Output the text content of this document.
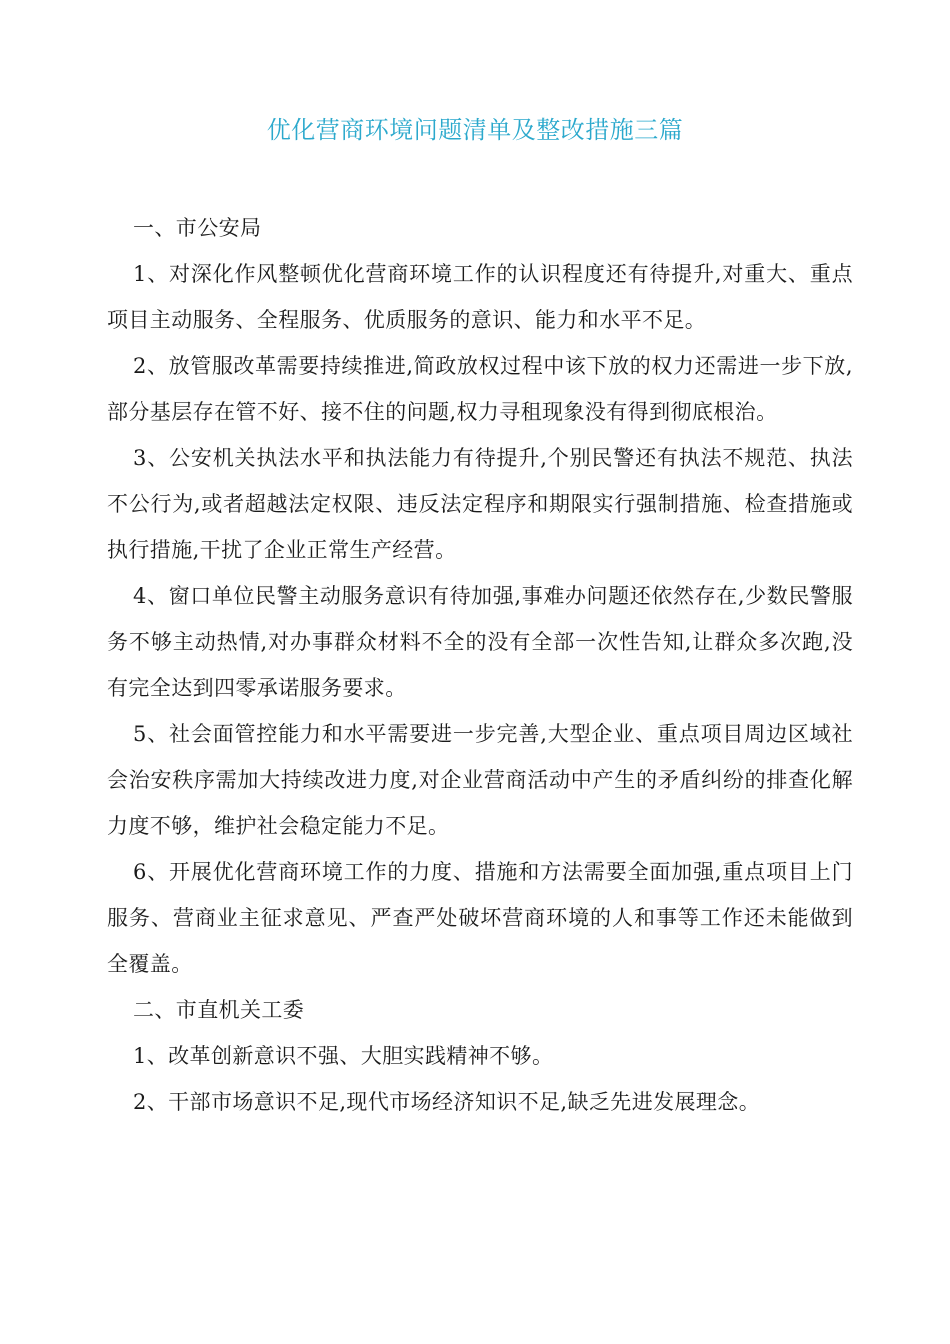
优化营商环境问题清单及整改措施三篇

一、市公安局

1、对深化作风整顿优化营商环境工作的认识程度还有待提升,对重大、重点项目主动服务、全程服务、优质服务的意识、能力和水平不足。

2、放管服改革需要持续推进,简政放权过程中该下放的权力还需进一步下放,部分基层存在管不好、接不住的问题,权力寻租现象没有得到彻底根治。

3、公安机关执法水平和执法能力有待提升,个别民警还有执法不规范、执法不公行为,或者超越法定权限、违反法定程序和期限实行强制措施、检查措施或执行措施,干扰了企业正常生产经营。

4、窗口单位民警主动服务意识有待加强,事难办问题还依然存在,少数民警服务不够主动热情,对办事群众材料不全的没有全部一次性告知,让群众多次跑,没有完全达到四零承诺服务要求。

5、社会面管控能力和水平需要进一步完善,大型企业、重点项目周边区域社会治安秩序需加大持续改进力度,对企业营商活动中产生的矛盾纠纷的排查化解力度不够，维护社会稳定能力不足。

6、开展优化营商环境工作的力度、措施和方法需要全面加强,重点项目上门服务、营商业主征求意见、严查严处破坏营商环境的人和事等工作还未能做到全覆盖。

二、市直机关工委

1、改革创新意识不强、大胆实践精神不够。

2、干部市场意识不足,现代市场经济知识不足,缺乏先进发展理念。
